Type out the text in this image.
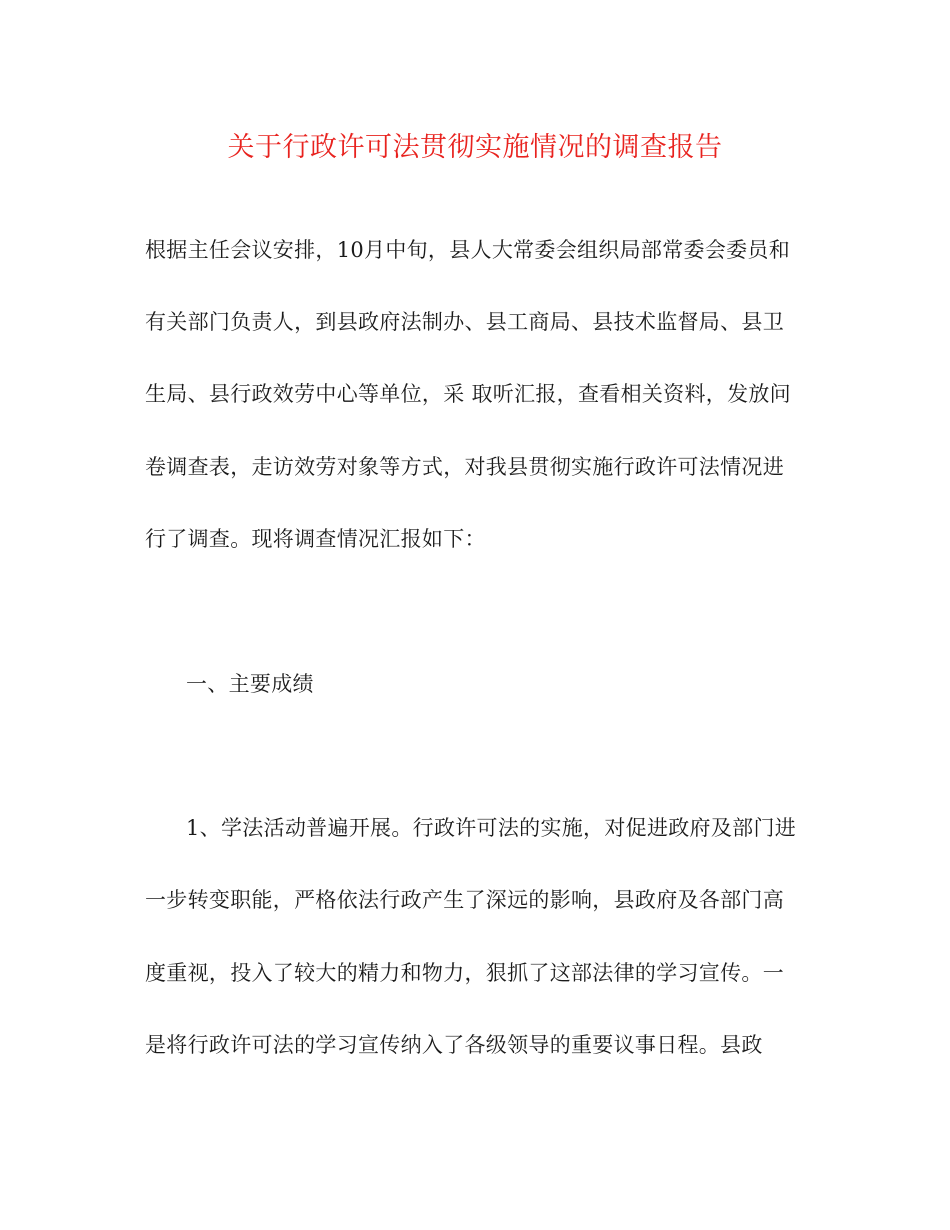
关于行政许可法贯彻实施情况的调查报告
根据主任会议安排，10月中旬，县人大常委会组织局部常委会委员和
有关部门负责人，到县政府法制办、县工商局、县技术监督局、县卫
生局、县行政效劳中心等单位，采 取听汇报，查看相关资料，发放问
卷调查表，走访效劳对象等方式，对我县贯彻实施行政许可法情况进
行了调查。现将调查情况汇报如下：
一、主要成绩
1、学法活动普遍开展。行政许可法的实施，对促进政府及部门进
一步转变职能，严格依法行政产生了深远的影响，县政府及各部门高
度重视，投入了较大的精力和物力，狠抓了这部法律的学习宣传。一
是将行政许可法的学习宣传纳入了各级领导的重要议事日程。县政
